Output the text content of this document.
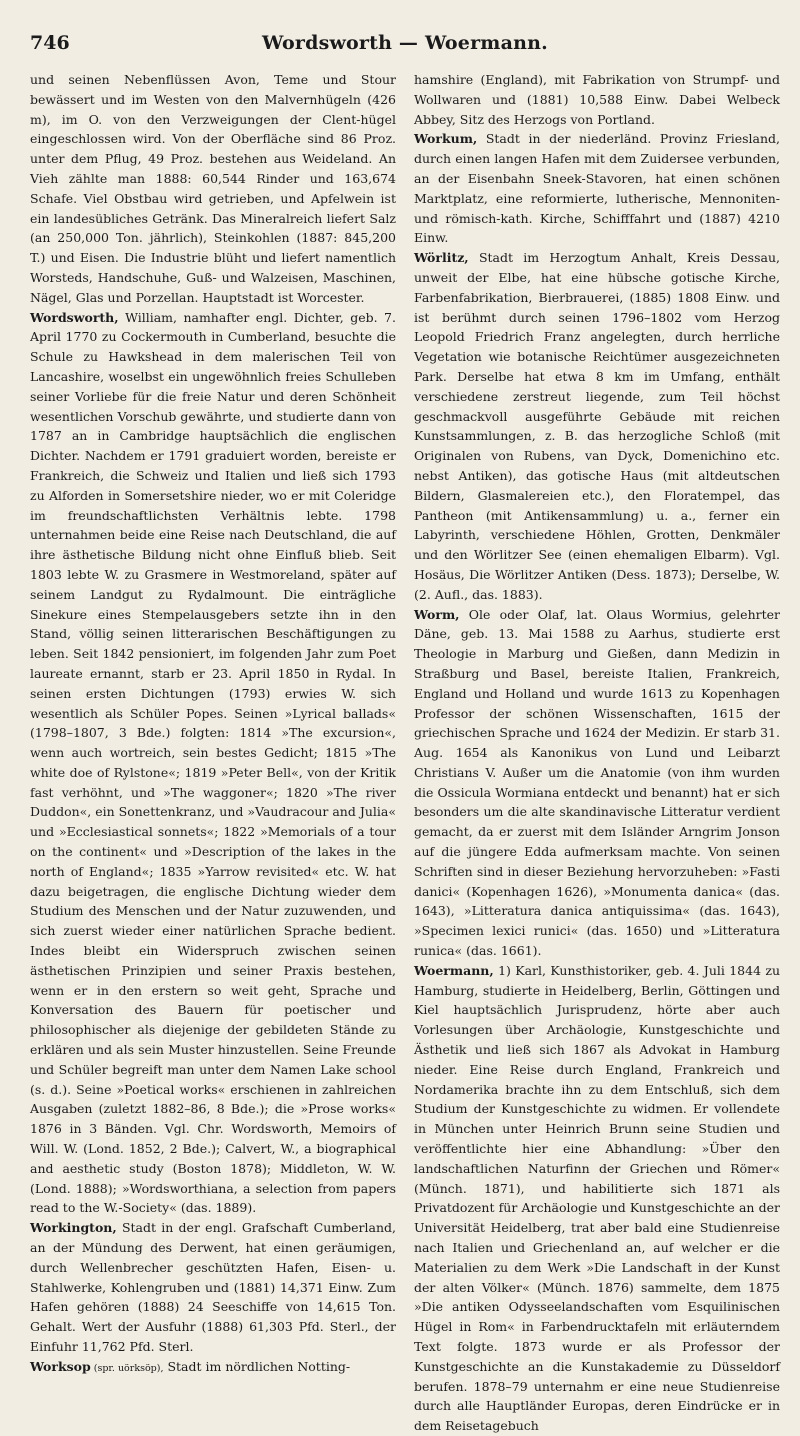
746	Wordsworth — Woermann.

und seinen Nebenflüssen Avon, Teme und Stour bewässert und im Westen von den Malvernhügeln (426 m), im O. von den Verzweigungen der Clent-hügel eingeschlossen wird. Von der Oberfläche sind 86 Proz. unter dem Pflug, 49 Proz. bestehen aus Weideland. An Vieh zählte man 1888: 60,544 Rinder und 163,674 Schafe. Viel Obstbau wird getrieben, und Apfelwein ist ein landesübliches Getränk. Das Mineralreich liefert Salz (an 250,000 Ton. jährlich), Steinkohlen (1887: 845,200 T.) und Eisen. Die Industrie blüht und liefert namentlich Worsteds, Handschuhe, Guß- und Walzeisen, Maschinen, Nägel, Glas und Porzellan. Hauptstadt ist Worcester.

Wordsworth, William, namhafter engl. Dichter, geb. 7. April 1770 zu Cockermouth in Cumberland, besuchte die Schule zu Hawkshead in dem malerischen Teil von Lancashire, woselbst ein ungewöhnlich freies Schulleben seiner Vorliebe für die freie Natur und deren Schönheit wesentlichen Vorschub gewährte, und studierte dann von 1787 an in Cambridge hauptsächlich die englischen Dichter. Nachdem er 1791 graduiert worden, bereiste er Frankreich, die Schweiz und Italien und ließ sich 1793 zu Alforden in Somersetshire nieder, wo er mit Coleridge im freundschaftlichsten Verhältnis lebte. 1798 unternahmen beide eine Reise nach Deutschland, die auf ihre ästhetische Bildung nicht ohne Einfluß blieb. Seit 1803 lebte W. zu Grasmere in Westmoreland, später auf seinem Landgut zu Rydalmount. Die einträgliche Sinekure eines Stempelausgebers setzte ihn in den Stand, völlig seinen litterarischen Beschäftigungen zu leben. Seit 1842 pensioniert, im folgenden Jahr zum Poet laureate ernannt, starb er 23. April 1850 in Rydal. In seinen ersten Dichtungen (1793) erwies W. sich wesentlich als Schüler Popes. Seinen »Lyrical ballads« (1798–1807, 3 Bde.) folgten: 1814 »The excursion«, wenn auch wortreich, sein bestes Gedicht; 1815 »The white doe of Rylstone«; 1819 »Peter Bell«, von der Kritik fast verhöhnt, und »The waggoner«; 1820 »The river Duddon«, ein Sonettenkranz, und »Vaudracour and Julia« und »Ecclesiastical sonnets«; 1822 »Memorials of a tour on the continent« und »Description of the lakes in the north of England«; 1835 »Yarrow revisited« etc. W. hat dazu beigetragen, die englische Dichtung wieder dem Studium des Menschen und der Natur zuzuwenden, und sich zuerst wieder einer natürlichen Sprache bedient. Indes bleibt ein Widerspruch zwischen seinen ästhetischen Prinzipien und seiner Praxis bestehen, wenn er in den erstern so weit geht, Sprache und Konversation des Bauern für poetischer und philosophischer als diejenige der gebildeten Stände zu erklären und als sein Muster hinzustellen. Seine Freunde und Schüler begreift man unter dem Namen Lake school (s. d.). Seine »Poetical works« erschienen in zahlreichen Ausgaben (zuletzt 1882–86, 8 Bde.); die »Prose works« 1876 in 3 Bänden. Vgl. Chr. Wordsworth, Memoirs of Will. W. (Lond. 1852, 2 Bde.); Calvert, W., a biographical and aesthetic study (Boston 1878); Middleton, W. W. (Lond. 1888); »Wordsworthiana, a selection from papers read to the W.-Society« (das. 1889).

Workington, Stadt in der engl. Grafschaft Cumberland, an der Mündung des Derwent, hat einen geräumigen, durch Wellenbrecher geschützten Hafen, Eisen- u. Stahlwerke, Kohlengruben und (1881) 14,371 Einw. Zum Hafen gehören (1888) 24 Seeschiffe von 14,615 Ton. Gehalt. Wert der Ausfuhr (1888) 61,303 Pfd. Sterl., der Einfuhr 11,762 Pfd. Sterl.

Worksop (spr. uörksöp), Stadt im nördlichen Notting-

hamshire (England), mit Fabrikation von Strumpf- und Wollwaren und (1881) 10,588 Einw. Dabei Welbeck Abbey, Sitz des Herzogs von Portland.

Workum, Stadt in der niederländ. Provinz Friesland, durch einen langen Hafen mit dem Zuidersee verbunden, an der Eisenbahn Sneek-Stavoren, hat einen schönen Marktplatz, eine reformierte, lutherische, Mennoniten- und römisch-kath. Kirche, Schifffahrt und (1887) 4210 Einw.

Wörlitz, Stadt im Herzogtum Anhalt, Kreis Dessau, unweit der Elbe, hat eine hübsche gotische Kirche, Farbenfabrikation, Bierbrauerei, (1885) 1808 Einw. und ist berühmt durch seinen 1796–1802 vom Herzog Leopold Friedrich Franz angelegten, durch herrliche Vegetation wie botanische Reichtümer ausgezeichneten Park. Derselbe hat etwa 8 km im Umfang, enthält verschiedene zerstreut liegende, zum Teil höchst geschmackvoll ausgeführte Gebäude mit reichen Kunstsammlungen, z. B. das herzogliche Schloß (mit Originalen von Rubens, van Dyck, Domenichino etc. nebst Antiken), das gotische Haus (mit altdeutschen Bildern, Glasmalereien etc.), den Floratempel, das Pantheon (mit Antikensammlung) u. a., ferner ein Labyrinth, verschiedene Höhlen, Grotten, Denkmäler und den Wörlitzer See (einen ehemaligen Elbarm). Vgl. Hosäus, Die Wörlitzer Antiken (Dess. 1873); Derselbe, W. (2. Aufl., das. 1883).

Worm, Ole oder Olaf, lat. Olaus Wormius, gelehrter Däne, geb. 13. Mai 1588 zu Aarhus, studierte erst Theologie in Marburg und Gießen, dann Medizin in Straßburg und Basel, bereiste Italien, Frankreich, England und Holland und wurde 1613 zu Kopenhagen Professor der schönen Wissenschaften, 1615 der griechischen Sprache und 1624 der Medizin. Er starb 31. Aug. 1654 als Kanonikus von Lund und Leibarzt Christians V. Außer um die Anatomie (von ihm wurden die Ossicula Wormiana entdeckt und benannt) hat er sich besonders um die alte skandinavische Litteratur verdient gemacht, da er zuerst mit dem Isländer Arngrim Jonson auf die jüngere Edda aufmerksam machte. Von seinen Schriften sind in dieser Beziehung hervorzuheben: »Fasti danici« (Kopenhagen 1626), »Monumenta danica« (das. 1643), »Litteratura danica antiquissima« (das. 1643), »Specimen lexici runici« (das. 1650) und »Litteratura runica« (das. 1661).

Woermann, 1) Karl, Kunsthistoriker, geb. 4. Juli 1844 zu Hamburg, studierte in Heidelberg, Berlin, Göttingen und Kiel hauptsächlich Jurisprudenz, hörte aber auch Vorlesungen über Archäologie, Kunstgeschichte und Ästhetik und ließ sich 1867 als Advokat in Hamburg nieder. Eine Reise durch England, Frankreich und Nordamerika brachte ihn zu dem Entschluß, sich dem Studium der Kunstgeschichte zu widmen. Er vollendete in München unter Heinrich Brunn seine Studien und veröffentlichte hier eine Abhandlung: »Über den landschaftlichen Naturfinn der Griechen und Römer« (Münch. 1871), und habilitierte sich 1871 als Privatdozent für Archäologie und Kunstgeschichte an der Universität Heidelberg, trat aber bald eine Studienreise nach Italien und Griechenland an, auf welcher er die Materialien zu dem Werk »Die Landschaft in der Kunst der alten Völker« (Münch. 1876) sammelte, dem 1875 »Die antiken Odysseelandschaften vom Esquilinischen Hügel in Rom« in Farbendrucktafeln mit erläuterndem Text folgte. 1873 wurde er als Professor der Kunstgeschichte an die Kunstakademie zu Düsseldorf berufen. 1878–79 unternahm er eine neue Studienreise durch alle Hauptländer Europas, deren Eindrücke er in dem Reisetagebuch
